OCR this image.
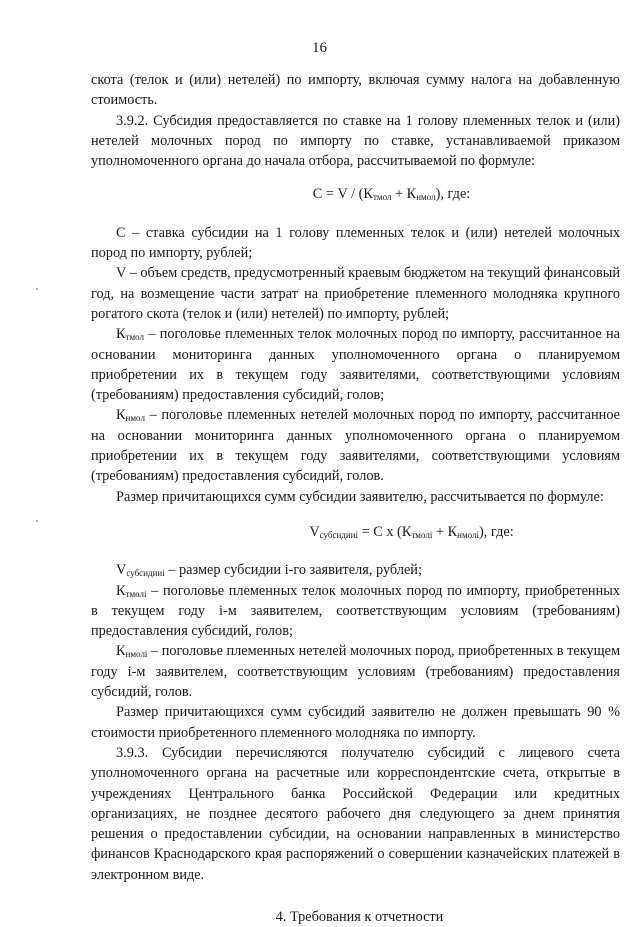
16

скота (телок и (или) нетелей) по импорту, включая сумму налога на добавленную стоимость.

3.9.2. Субсидия предоставляется по ставке на 1 голову племенных телок и (или) нетелей молочных пород по импорту по ставке, устанавливаемой приказом уполномоченного органа до начала отбора, рассчитываемой по формуле:

$С = V / (К_{тмол} + К_{нмол})$, где:

С – ставка субсидии на 1 голову племенных телок и (или) нетелей молочных пород по импорту, рублей;

V – объем средств, предусмотренный краевым бюджетом на текущий финансовый год, на возмещение части затрат на приобретение племенного молодняка крупного рогатого скота (телок и (или) нетелей) по импорту, рублей;

$К_{тмол}$ – поголовье племенных телок молочных пород по импорту, рассчитанное на основании мониторинга данных уполномоченного органа о планируемом приобретении их в текущем году заявителями, соответствующими условиям (требованиям) предоставления субсидий, голов;

$К_{нмол}$ – поголовье племенных нетелей молочных пород по импорту, рассчитанное на основании мониторинга данных уполномоченного органа о планируемом приобретении их в текущем году заявителями, соответствующими условиям (требованиям) предоставления субсидий, голов.

Размер причитающихся сумм субсидии заявителю, рассчитывается по формуле:

$V_{субсидииi} = С$ х $(К_{тмолi} + К_{нмолi})$, где:

$V_{субсидииi}$ – размер субсидии i-го заявителя, рублей;

$К_{тмолi}$ – поголовье племенных телок молочных пород по импорту, приобретенных в текущем году i-м заявителем, соответствующим условиям (требованиям) предоставления субсидий, голов;

$К_{нмолi}$ – поголовье племенных нетелей молочных пород, приобретенных в текущем году i-м заявителем, соответствующим условиям (требованиям) предоставления субсидий, голов.

Размер причитающихся сумм субсидий заявителю не должен превышать 90 % стоимости приобретенного племенного молодняка по импорту.

3.9.3. Субсидии перечисляются получателю субсидий с лицевого счета уполномоченного органа на расчетные или корреспондентские счета, открытые в учреждениях Центрального банка Российской Федерации или кредитных организациях, не позднее десятого рабочего дня следующего за днем принятия решения о предоставлении субсидии, на основании направленных в министерство финансов Краснодарского края распоряжений о совершении казначейских платежей в электронном виде.

4. Требования к отчетности
